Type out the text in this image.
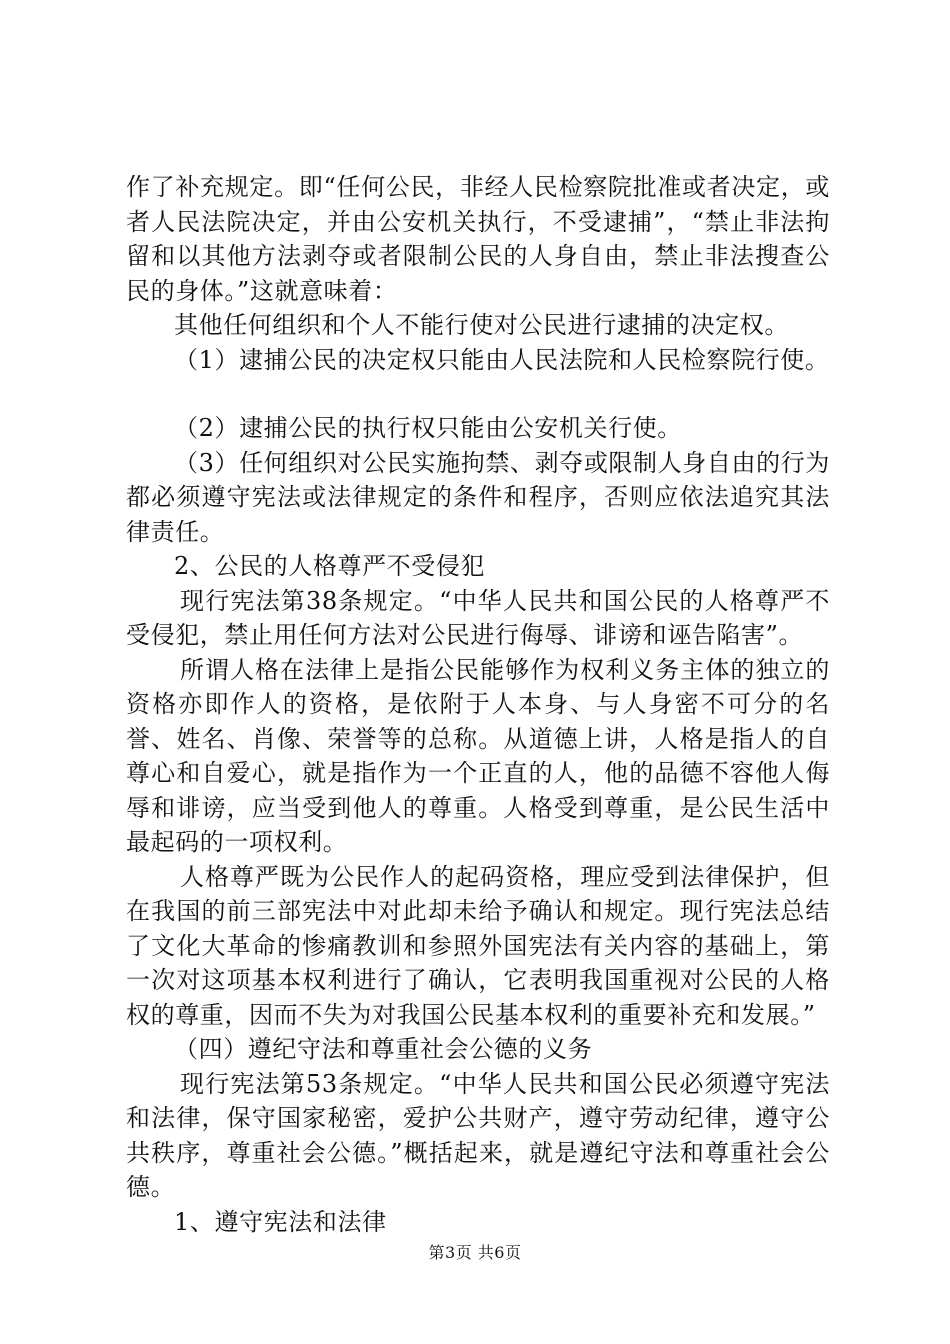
作了补充规定。即“任何公民，非经人民检察院批准或者决定，或者人民法院决定，并由公安机关执行，不受逮捕”，“禁止非法拘留和以其他方法剥夺或者限制公民的人身自由，禁止非法搜查公民的身体。”这就意味着：

其他任何组织和个人不能行使对公民进行逮捕的决定权。

（1）逮捕公民的决定权只能由人民法院和人民检察院行使。

（2）逮捕公民的执行权只能由公安机关行使。

（3）任何组织对公民实施拘禁、剥夺或限制人身自由的行为都必须遵守宪法或法律规定的条件和程序，否则应依法追究其法律责任。

2、公民的人格尊严不受侵犯

现行宪法第38条规定。“中华人民共和国公民的人格尊严不受侵犯，禁止用任何方法对公民进行侮辱、诽谤和诬告陷害”。

所谓人格在法律上是指公民能够作为权利义务主体的独立的资格亦即作人的资格，是依附于人本身、与人身密不可分的名誉、姓名、肖像、荣誉等的总称。从道德上讲，人格是指人的自尊心和自爱心，就是指作为一个正直的人，他的品德不容他人侮辱和诽谤，应当受到他人的尊重。人格受到尊重，是公民生活中最起码的一项权利。

人格尊严既为公民作人的起码资格，理应受到法律保护，但在我国的前三部宪法中对此却未给予确认和规定。现行宪法总结了文化大革命的惨痛教训和参照外国宪法有关内容的基础上，第一次对这项基本权利进行了确认，它表明我国重视对公民的人格权的尊重，因而不失为对我国公民基本权利的重要补充和发展。”

（四）遵纪守法和尊重社会公德的义务

现行宪法第53条规定。“中华人民共和国公民必须遵守宪法和法律，保守国家秘密，爱护公共财产，遵守劳动纪律，遵守公共秩序，尊重社会公德。”概括起来，就是遵纪守法和尊重社会公德。

1、遵守宪法和法律

第3页 共6页
